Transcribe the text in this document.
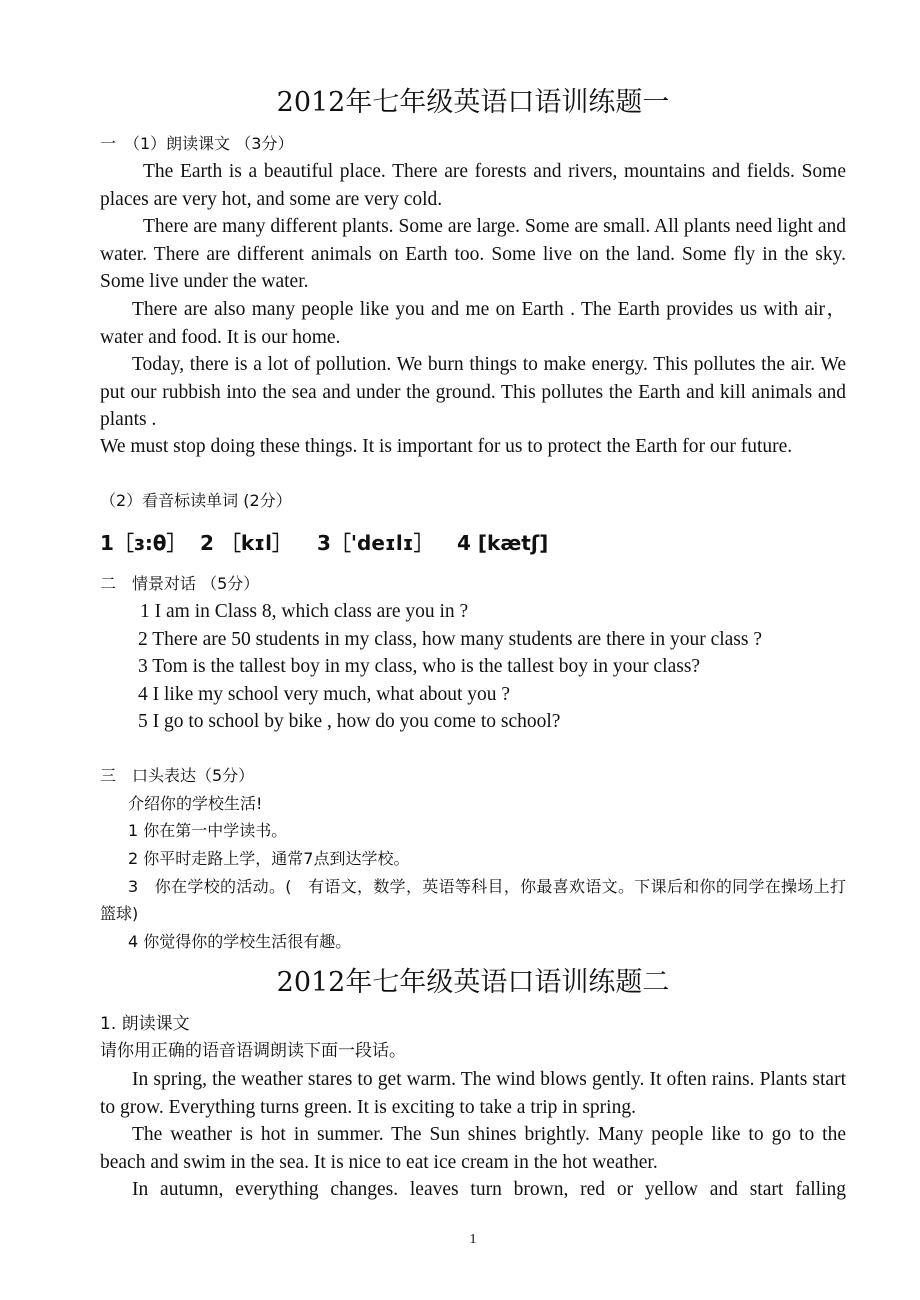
2012年七年级英语口语训练题一
一　（1）朗读课文 （3分）
The Earth is a beautiful place. There are forests and rivers, mountains and fields. Some places are very hot, and some are very cold.
There are many different plants. Some are large. Some are small. All plants need light and water. There are different animals on Earth too. Some live on the land. Some fly in the sky. Some live under the water.
There are also many people like you and me on Earth . The Earth provides us with air，water and food. It is our home.
Today, there is a lot of pollution. We burn things to make energy. This pollutes the air. We put our rubbish into the sea and under the ground. This pollutes the Earth and kill animals and plants .
We must stop doing these things. It is important for us to protect the Earth for our future.
（2）看音标读单词 (2分）
1［ɜ:θ］ 2 ［kɪl］ 3［'deɪlɪ］ 4 [kætʃ]
二　情景对话 （5分）
1 I am in Class 8, which class are you in ?
2 There are 50 students in my class, how many students are there in your class ?
3 Tom is the tallest boy in my class, who is the tallest boy in your class?
4 I like my school very much, what about you ?
5 I go to school by bike , how do you come to school?
三　口头表达（5分）
介绍你的学校生活!
1 你在第一中学读书。
2 你平时走路上学，通常7点到达学校。
3　你在学校的活动。(　有语文，数学，英语等科目，你最喜欢语文。下课后和你的同学在操场上打篮球)
4 你觉得你的学校生活很有趣。
2012年七年级英语口语训练题二
1. 朗读课文
请你用正确的语音语调朗读下面一段话。
In spring, the weather stares to get warm. The wind blows gently. It often rains. Plants start to grow. Everything turns green. It is exciting to take a trip in spring.
The weather is hot in summer. The Sun shines brightly. Many people like to go to the beach and swim in the sea. It is nice to eat ice cream in the hot weather.
In autumn, everything changes. leaves turn brown, red or yellow and start falling
1
